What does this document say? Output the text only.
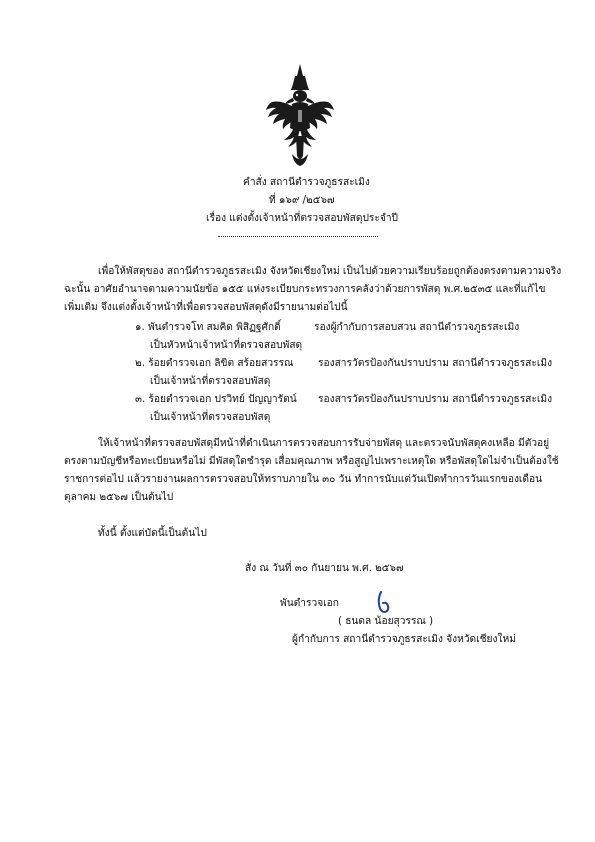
คำสั่ง สถานีตำรวจภูธรสะเมิง
ที่ ๑๖๙ /๒๕๖๗
เรื่อง แต่งตั้งเจ้าหน้าที่ตรวจสอบพัสดุประจำปี
เพื่อให้พัสดุของ สถานีตำรวจภูธรสะเมิง จังหวัดเชียงใหม่ เป็นไปด้วยความเรียบร้อยถูกต้องตรงตามความจริง
ฉะนั้น อาศัยอำนาจตามความนัยข้อ ๑๕๕ แห่งระเบียบกระทรวงการคลังว่าด้วยการพัสดุ พ.ศ.๒๕๓๕ และที่แก้ไข
เพิ่มเติม จึงแต่งตั้งเจ้าหน้าที่เพื่อตรวจสอบพัสดุดังมีรายนามต่อไปนี้
๑. พันตำรวจโท สมคิด พิสิฏฐศักดิ์	รองผู้กำกับการสอบสวน สถานีตำรวจภูธรสะเมิง
เป็นหัวหน้าเจ้าหน้าที่ตรวจสอบพัสดุ
๒. ร้อยตำรวจเอก ลิขิต สร้อยสวรรณ รองสารวัตรป้องกันปราบปราม สถานีตำรวจภูธรสะเมิง
เป็นเจ้าหน้าที่ตรวจสอบพัสดุ
๓. ร้อยตำรวจเอก ปรวิทย์ ปัญญารัตน์ รองสารวัตรป้องกันปราบปราม สถานีตำรวจภูธรสะเมิง
เป็นเจ้าหน้าที่ตรวจสอบพัสดุ
ให้เจ้าหน้าที่ตรวจสอบพัสดุมีหน้าที่ดำเนินการตรวจสอบการรับจ่ายพัสดุ และตรวจนับพัสดุคงเหลือ มีตัวอยู่
ตรงตามบัญชีหรือทะเบียนหรือไม่ มีพัสดุใดชำรุด เสื่อมคุณภาพ หรือสูญไปเพราะเหตุใด หรือพัสดุใดไม่จำเป็นต้องใช้
ราชการต่อไป แล้วรายงานผลการตรวจสอบให้ทราบภายใน ๓๐ วัน ทำการนับแต่วันเปิดทำการวันแรกของเดือน
ตุลาคม ๒๕๖๗ เป็นต้นไป
ทั้งนี้ ตั้งแต่บัดนี้เป็นต้นไป
สั่ง ณ วันที่ ๓๐ กันยายน พ.ศ. ๒๕๖๗
พันตำรวจเอก
( ธนดล น้อยสุวรรณ )
ผู้กำกับการ สถานีตำรวจภูธรสะเมิง จังหวัดเชียงใหม่
